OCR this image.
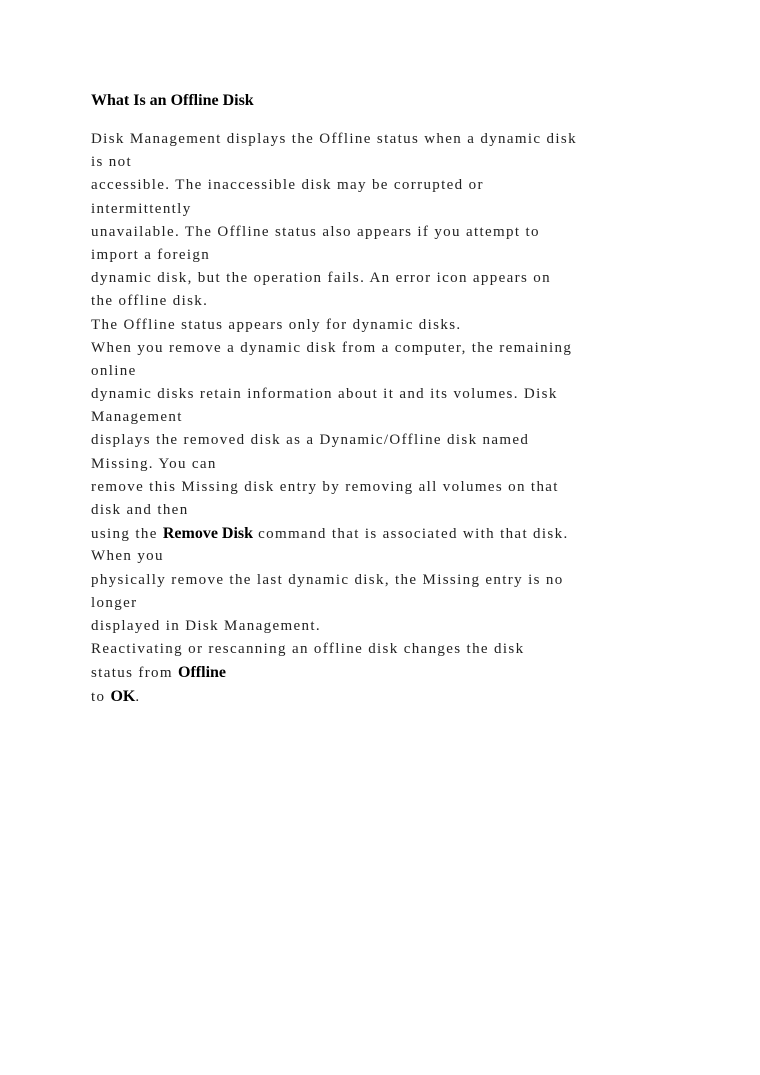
What Is an Offline Disk
Disk Management displays the Offline status when a dynamic disk
is not
accessible. The inaccessible disk may be corrupted or
intermittently
unavailable. The Offline status also appears if you attempt to
import a foreign
dynamic disk, but the operation fails. An error icon appears on
the offline disk.
The Offline status appears only for dynamic disks.
When you remove a dynamic disk from a computer, the remaining
online
dynamic disks retain information about it and its volumes. Disk
Management
displays the removed disk as a Dynamic/Offline disk named
Missing. You can
remove this Missing disk entry by removing all volumes on that
disk and then
using the Remove Disk command that is associated with that disk.
When you
physically remove the last dynamic disk, the Missing entry is no
longer
displayed in Disk Management.
Reactivating or rescanning an offline disk changes the disk
status from Offline
to OK.
